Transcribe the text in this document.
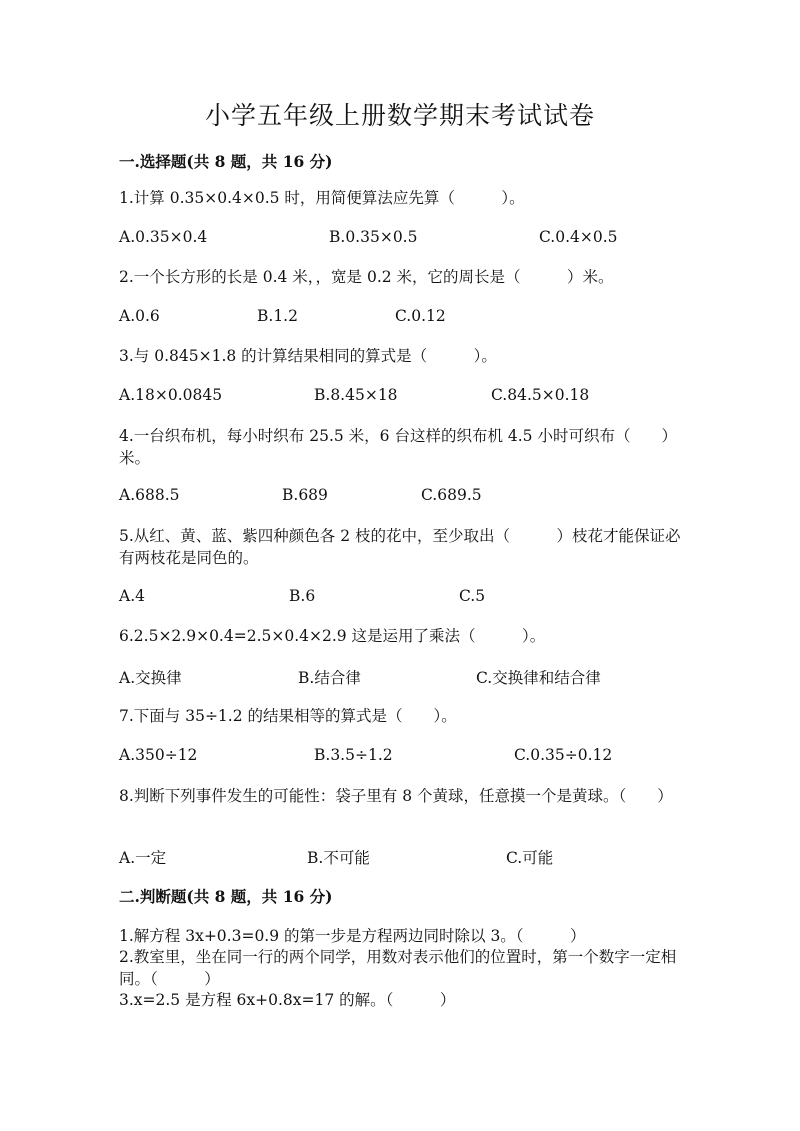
小学五年级上册数学期末考试试卷
一.选择题(共 8 题，共 16 分)
1.计算 0.35×0.4×0.5 时，用简便算法应先算（　　　）。
A.0.35×0.4	B.0.35×0.5	C.0.4×0.5
2.一个长方形的长是 0.4 米，，宽是 0.2 米，它的周长是（　　　）米。
A.0.6	B.1.2	C.0.12
3.与 0.845×1.8 的计算结果相同的算式是（　　　）。
A.18×0.0845	B.8.45×18	C.84.5×0.18
4.一台织布机，每小时织布 25.5 米，6 台这样的织布机 4.5 小时可织布（　　）米。
A.688.5	B.689	C.689.5
5.从红、黄、蓝、紫四种颜色各 2 枝的花中，至少取出（　　　）枝花才能保证必有两枝花是同色的。
A.4	B.6	C.5
6.2.5×2.9×0.4=2.5×0.4×2.9 这是运用了乘法（　　　）。
A.交换律	B.结合律	C.交换律和结合律
7.下面与 35÷1.2 的结果相等的算式是（　　）。
A.350÷12	B.3.5÷1.2	C.0.35÷0.12
8.判断下列事件发生的可能性：袋子里有 8 个黄球，任意摸一个是黄球。（　　）
A.一定	B.不可能	C.可能
二.判断题(共 8 题，共 16 分)
1.解方程 3x+0.3=0.9 的第一步是方程两边同时除以 3。（　　　）
2.教室里，坐在同一行的两个同学，用数对表示他们的位置时，第一个数字一定相同。（　　　）
3.x=2.5 是方程 6x+0.8x=17 的解。（　　　）
